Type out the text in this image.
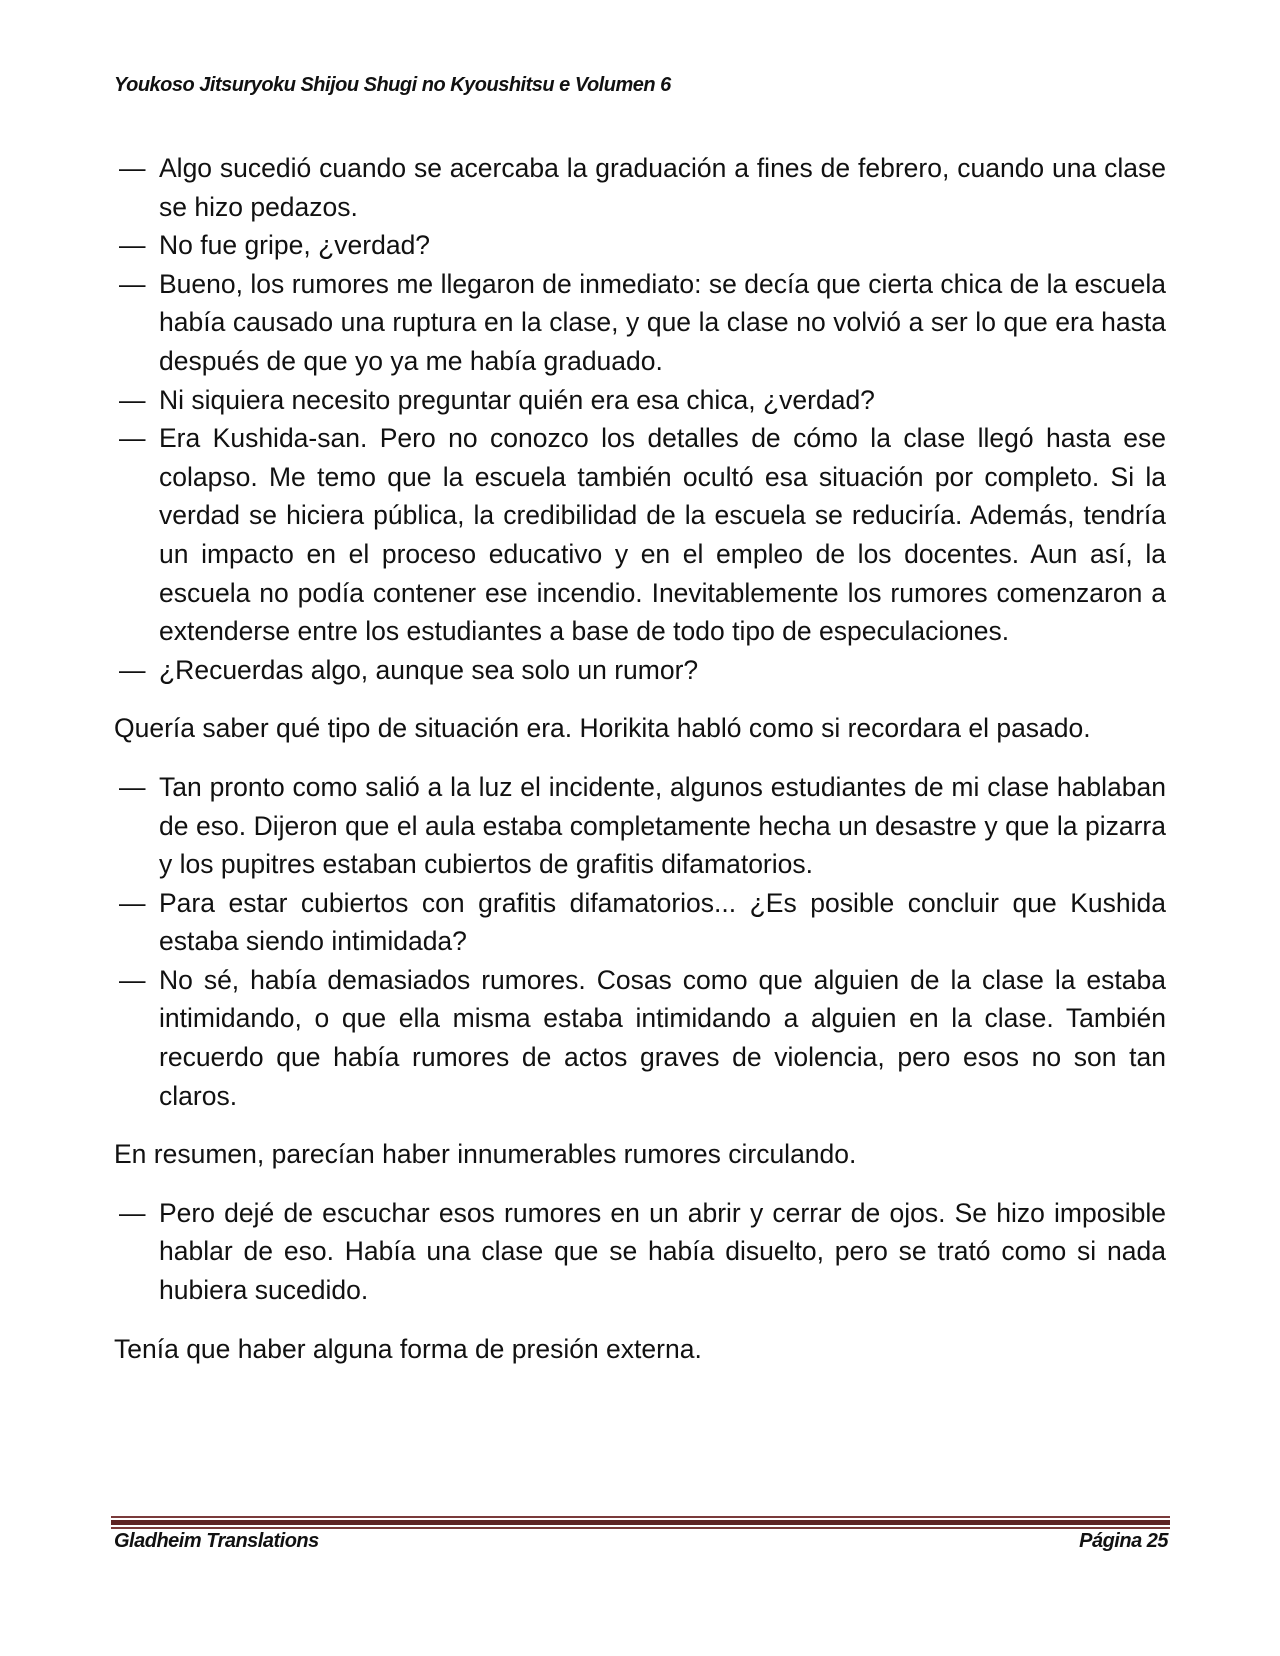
Youkoso Jitsuryoku Shijou Shugi no Kyoushitsu e Volumen 6

— Algo sucedió cuando se acercaba la graduación a fines de febrero, cuando una clase se hizo pedazos.

— No fue gripe, ¿verdad?

— Bueno, los rumores me llegaron de inmediato: se decía que cierta chica de la escuela había causado una ruptura en la clase, y que la clase no volvió a ser lo que era hasta después de que yo ya me había graduado.

— Ni siquiera necesito preguntar quién era esa chica, ¿verdad?

— Era Kushida-san. Pero no conozco los detalles de cómo la clase llegó hasta ese colapso. Me temo que la escuela también ocultó esa situación por completo. Si la verdad se hiciera pública, la credibilidad de la escuela se reduciría. Además, tendría un impacto en el proceso educativo y en el empleo de los docentes. Aun así, la escuela no podía contener ese incendio. Inevitablemente los rumores comenzaron a extenderse entre los estudiantes a base de todo tipo de especulaciones.

— ¿Recuerdas algo, aunque sea solo un rumor?

Quería saber qué tipo de situación era. Horikita habló como si recordara el pasado.

— Tan pronto como salió a la luz el incidente, algunos estudiantes de mi clase hablaban de eso. Dijeron que el aula estaba completamente hecha un desastre y que la pizarra y los pupitres estaban cubiertos de grafitis difamatorios.

— Para estar cubiertos con grafitis difamatorios... ¿Es posible concluir que Kushida estaba siendo intimidada?

— No sé, había demasiados rumores. Cosas como que alguien de la clase la estaba intimidando, o que ella misma estaba intimidando a alguien en la clase. También recuerdo que había rumores de actos graves de violencia, pero esos no son tan claros.

En resumen, parecían haber innumerables rumores circulando.

— Pero dejé de escuchar esos rumores en un abrir y cerrar de ojos. Se hizo imposible hablar de eso. Había una clase que se había disuelto, pero se trató como si nada hubiera sucedido.

Tenía que haber alguna forma de presión externa.

Gladheim Translations	Página 25
